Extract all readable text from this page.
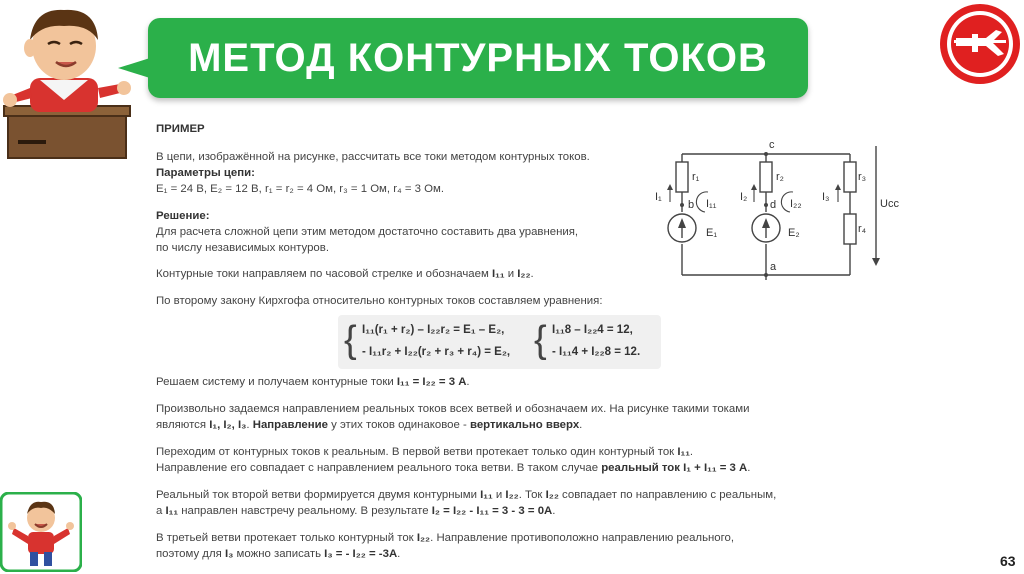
МЕТОД КОНТУРНЫХ ТОКОВ
ПРИМЕР
В цепи, изображённой на рисунке, рассчитать все токи методом контурных токов.
Параметры цепи:
E₁ = 24 В, E₂ = 12 В, r₁ = r₂ = 4 Ом, r₃ = 1 Ом, r₄ = 3 Ом.
Решение:
Для расчета сложной цепи этим методом достаточно составить два уравнения,
по числу независимых контуров.
Контурные токи направляем по часовой стрелке и обозначаем I₁₁ и I₂₂.
По второму закону Кирхгофа относительно контурных токов составляем уравнения:
Решаем систему и получаем контурные токи I₁₁ = I₂₂ = 3 А.
Произвольно задаемся направлением реальных токов всех ветвей и обозначаем их. На рисунке такими токами
являются I₁, I₂, I₃. Направление у этих токов одинаковое - вертикально вверх.
Переходим от контурных токов к реальным. В первой ветви протекает только один контурный ток I₁₁.
Направление его совпадает с направлением реального тока ветви. В таком случае реальный ток I₁ + I₁₁ = 3 А.
Реальный ток второй ветви формируется двумя контурными I₁₁ и I₂₂. Ток I₂₂ совпадает по направлению с реальным,
а I₁₁ направлен навстречу реальному. В результате I₂ = I₂₂ - I₁₁ = 3 - 3 = 0А.
В третьей ветви протекает только контурный ток I₂₂. Направление противоположно направлению реального,
поэтому для I₃ можно записать I₃ = - I₂₂ = -3А.
{ I₁₁(r₁ + r₂) – I₂₂r₂ = E₁ – E₂,
- I₁₁r₂ + I₂₂(r₂ + r₃ + r₄) = E₂, { I₁₁8 – I₂₂4 = 12,
- I₁₁4 + I₂₂8 = 12.
c
b	d
a
r₁	r₂	r₃
r₄
I₁	I₂	I₃
I₁₁	I₂₂
E₁	E₂
Uсс
63
